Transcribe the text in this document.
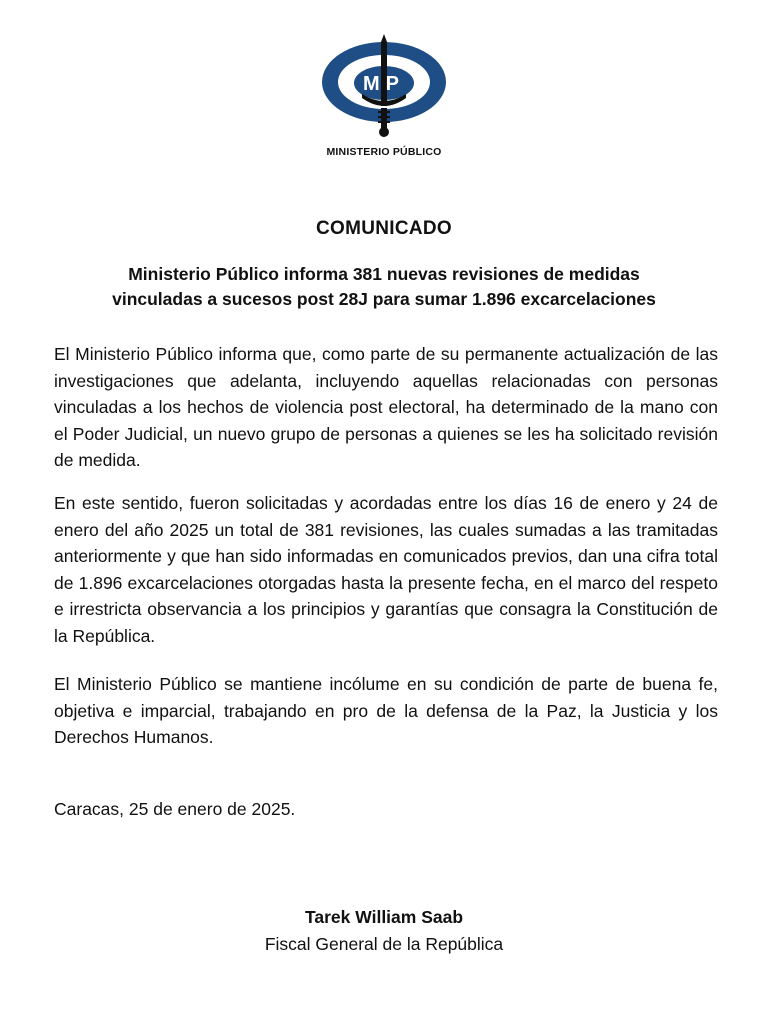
MP
MINISTERIO PÚBLICO
COMUNICADO
Ministerio Público informa 381 nuevas revisiones de medidas
vinculadas a sucesos post 28J para sumar 1.896 excarcelaciones

El Ministerio Público informa que, como parte de su permanente actualización de las investigaciones que adelanta, incluyendo aquellas relacionadas con personas vinculadas a los hechos de violencia post electoral, ha determinado de la mano con el Poder Judicial, un nuevo grupo de personas a quienes se les ha solicitado revisión de medida.

En este sentido, fueron solicitadas y acordadas entre los días 16 de enero y 24 de enero del año 2025 un total de 381 revisiones, las cuales sumadas a las tramitadas anteriormente y que han sido informadas en comunicados previos, dan una cifra total de 1.896 excarcelaciones otorgadas hasta la presente fecha, en el marco del respeto e irrestricta observancia a los principios y garantías que consagra la Constitución de la República.

El Ministerio Público se mantiene incólume en su condición de parte de buena fe, objetiva e imparcial, trabajando en pro de la defensa de la Paz, la Justicia y los Derechos Humanos.

Caracas, 25 de enero de 2025.
Tarek William Saab
Fiscal General de la República
